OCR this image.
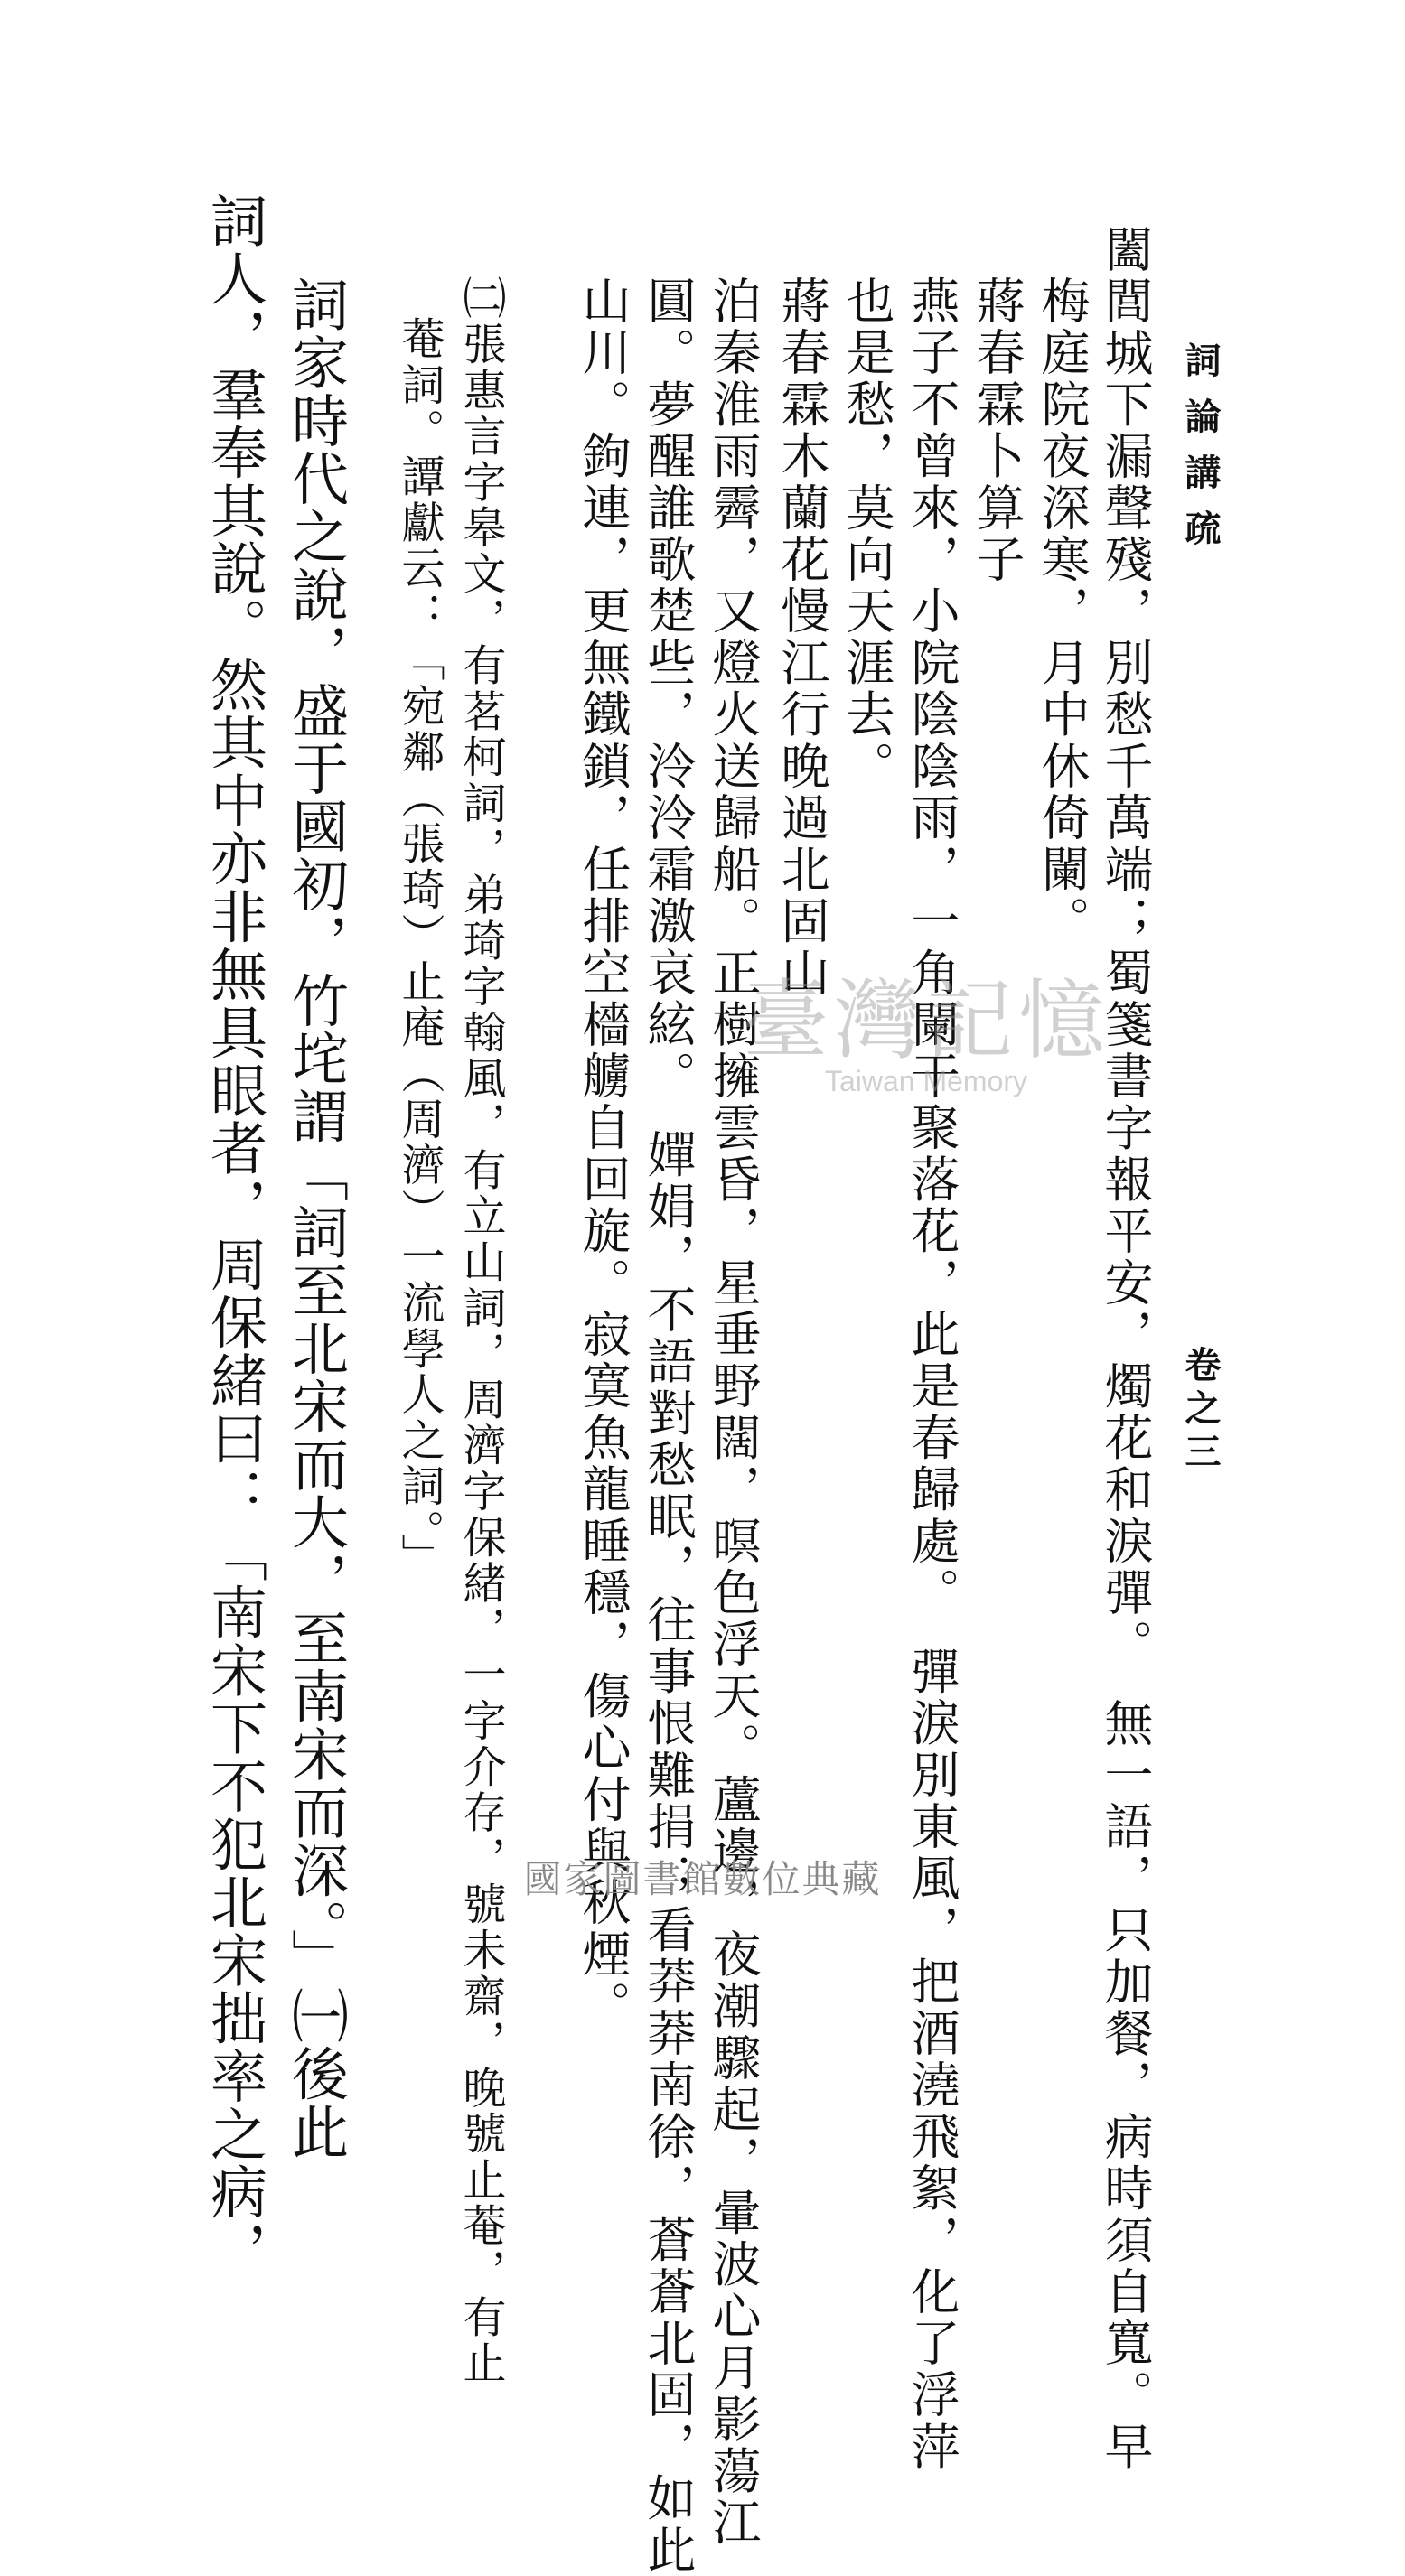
詞論講疏
卷之三
闔閭城下漏聲殘，別愁千萬端；蜀箋書字報平安，燭花和淚彈。　無一語，只加餐，病時須自寬。早
梅庭院夜深寒，月中休倚闌。
蔣春霖卜算子
燕子不曾來，小院陰陰雨，一角闌干聚落花，此是春歸處。　彈淚別東風，把酒澆飛絮，化了浮萍
也是愁，莫向天涯去。
蔣春霖木蘭花慢江行晚過北固山
泊秦淮雨霽，又燈火送歸船。正樹擁雲昏，星垂野闊，暝色浮天。蘆邊，夜潮驟起，暈波心月影蕩江
圓。夢醒誰歌楚些，泠泠霜激哀絃。　嬋娟，不語對愁眠，往事恨難捐；看莽莽南徐，蒼蒼北固，如此
山川。鉤連，更無鐵鎖，任排空檣艣自回旋。寂寞魚龍睡穩，傷心付與秋煙。
㈡張惠言字皋文，有茗柯詞，弟琦字翰風，有立山詞，周濟字保緒，一字介存，號未齋，晚號止菴，有止
菴詞。譚獻云：「宛鄰（張琦）止庵（周濟）一流學人之詞。」
詞家時代之說，盛于國初，竹垞謂「詞至北宋而大，至南宋而深。」㈠後此
詞人，羣奉其說。然其中亦非無具眼者，周保緒曰：「南宋下不犯北宋拙率之病，	臺灣記憶
Taiwan Memory
國家圖書館數位典藏
